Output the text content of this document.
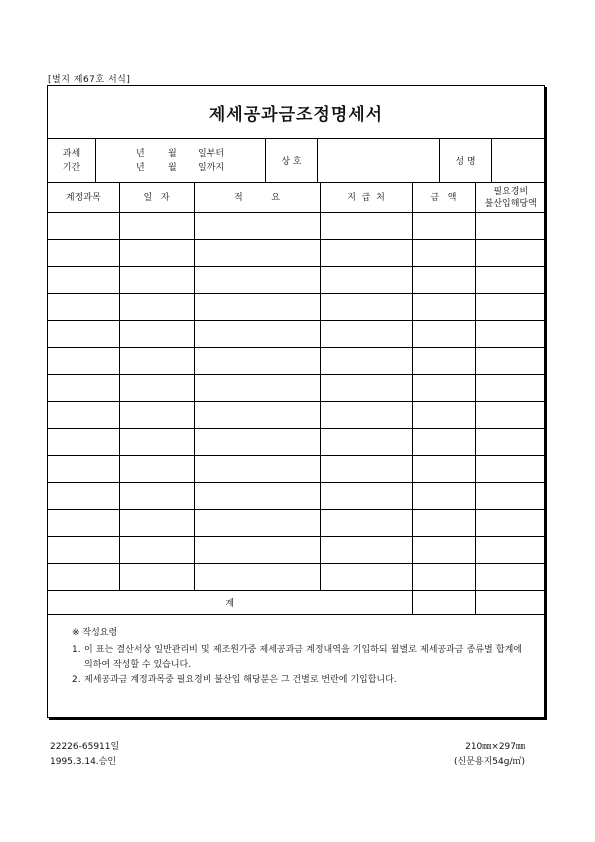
[별지 제67호 서식]
제세공과금조정명세서
과세
기간
년	월	일부터
년	월	일까지
상 호	성 명
계정과목	일   자	적          요	지  급  처	금   액	필요경비
불산입해당액

계					
※ 작성요령
1. 이 표는 결산서상 일반관리비 및 제조원가중 제세공과금 계정내역을 기입하되 월별로 제세공과금 종류별 합계에 의하여 작성할 수 있습니다.
2. 제세공과금 계정과목중 필요경비 불산입 해당분은 그 건별로 번란에 기입합니다.
22226-65911일
1995.3.14.승인
210㎜×297㎜
(신문용지54g/㎡)
